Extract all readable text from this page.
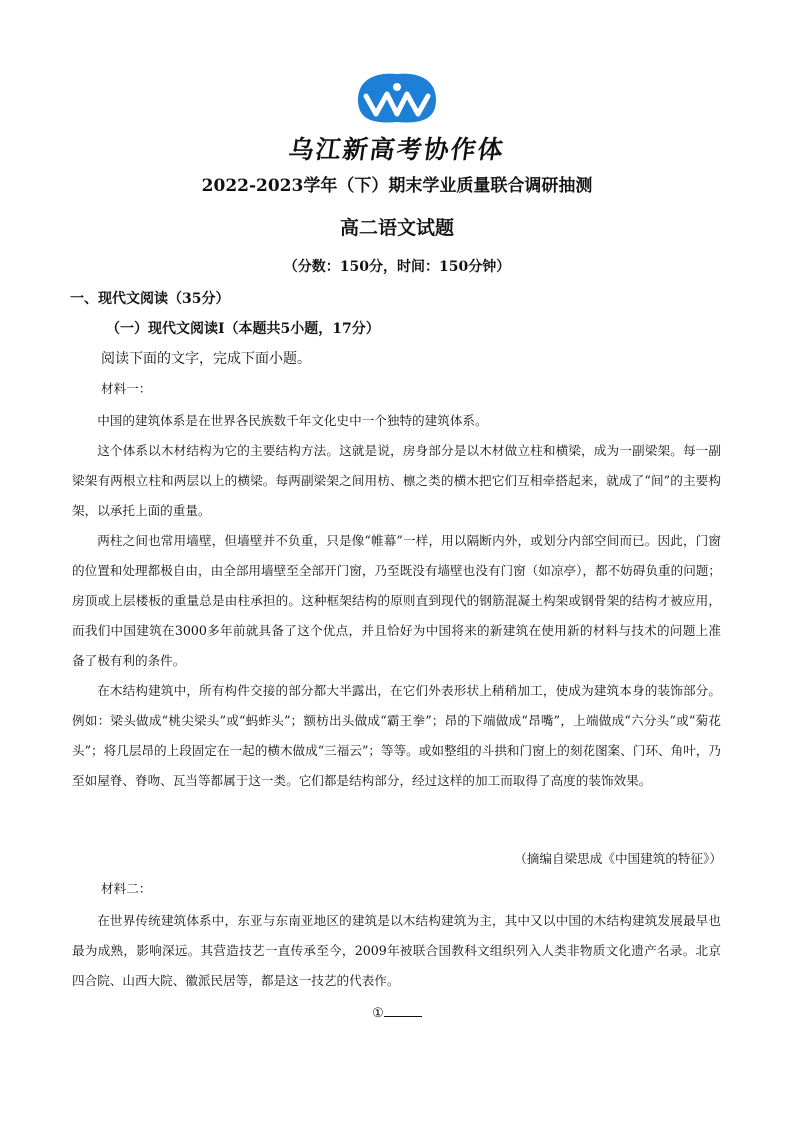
乌江新高考协作体
2022-2023学年（下）期末学业质量联合调研抽测
高二语文试题
（分数：150分，时间：150分钟）
一、现代文阅读（35分）
（一）现代文阅读Ⅰ（本题共5小题，17分）
阅读下面的文字，完成下面小题。
材料一：

中国的建筑体系是在世界各民族数千年文化史中一个独特的建筑体系。

这个体系以木材结构为它的主要结构方法。这就是说，房身部分是以木材做立柱和横梁，成为一副梁架。每一副梁架有两根立柱和两层以上的横梁。每两副梁架之间用枋、檩之类的横木把它们互相牵搭起来，就成了“间”的主要构架，以承托上面的重量。

两柱之间也常用墙壁，但墙壁并不负重，只是像“帷幕”一样，用以隔断内外，或划分内部空间而已。因此，门窗的位置和处理都极自由，由全部用墙壁至全部开门窗，乃至既没有墙壁也没有门窗（如凉亭），都不妨碍负重的问题；房顶或上层楼板的重量总是由柱承担的。这种框架结构的原则直到现代的钢筋混凝土构架或钢骨架的结构才被应用，而我们中国建筑在3000多年前就具备了这个优点，并且恰好为中国将来的新建筑在使用新的材料与技术的问题上准备了极有利的条件。

在木结构建筑中，所有构件交接的部分都大半露出，在它们外表形状上稍稍加工，使成为建筑本身的装饰部分。例如：梁头做成“桃尖梁头”或“蚂蚱头”；额枋出头做成“霸王拳”；昂的下端做成“昂嘴”，上端做成“六分头”或“菊花头”；将几层昂的上段固定在一起的横木做成“三福云”；等等。或如整组的斗拱和门窗上的刻花图案、门环、角叶，乃至如屋脊、脊吻、瓦当等都属于这一类。它们都是结构部分，经过这样的加工而取得了高度的装饰效果。

（摘编自梁思成《中国建筑的特征》）
材料二：

在世界传统建筑体系中，东亚与东南亚地区的建筑是以木结构建筑为主，其中又以中国的木结构建筑发展最早也最为成熟，影响深远。其营造技艺一直传承至今，2009年被联合国教科文组织列入人类非物质文化遗产名录。北京四合院、山西大院、徽派民居等，都是这一技艺的代表作。

①
